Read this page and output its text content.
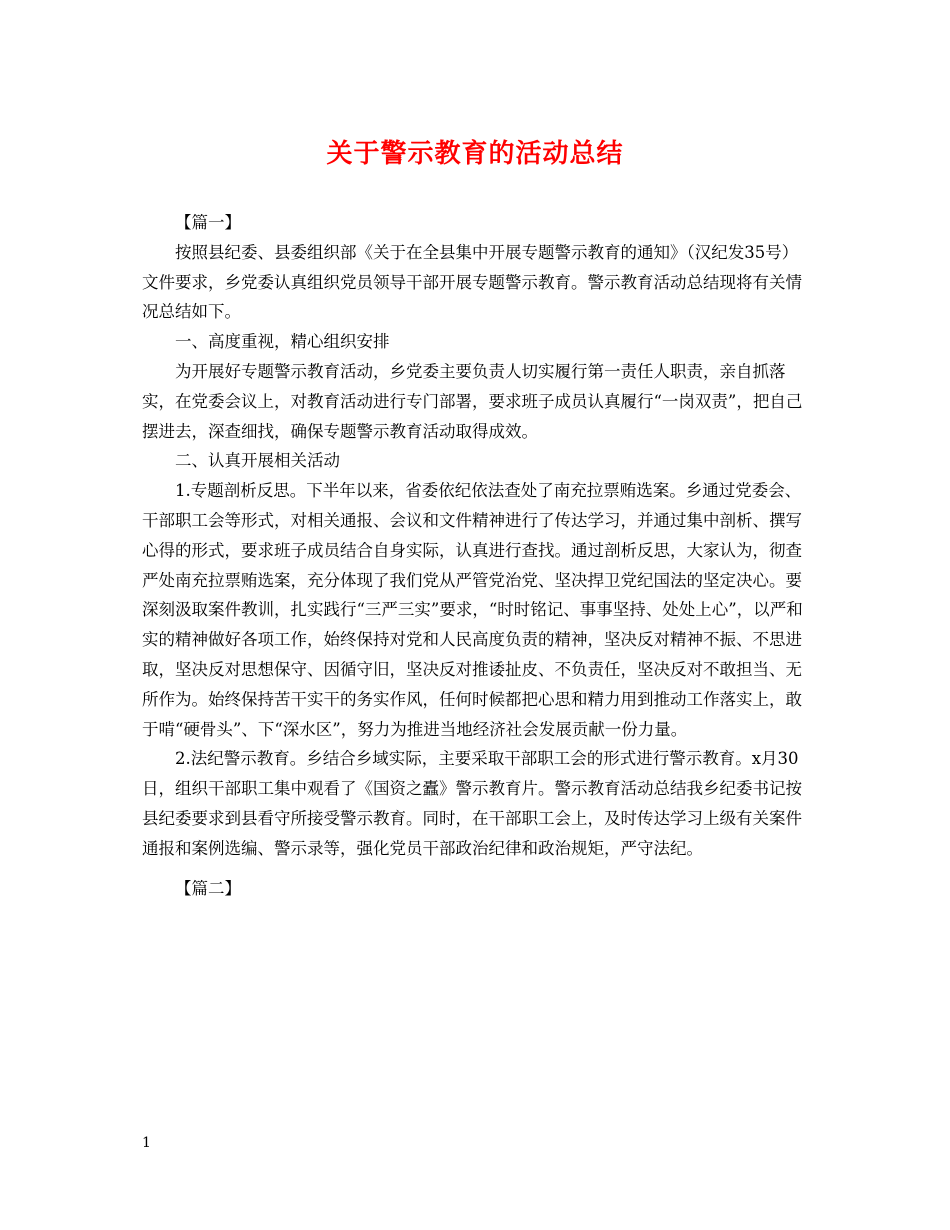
关于警示教育的活动总结

【篇一】

按照县纪委、县委组织部《关于在全县集中开展专题警示教育的通知》（汉纪发35号）文件要求，乡党委认真组织党员领导干部开展专题警示教育。警示教育活动总结现将有关情况总结如下。

一、高度重视，精心组织安排

为开展好专题警示教育活动，乡党委主要负责人切实履行第一责任人职责，亲自抓落实，在党委会议上，对教育活动进行专门部署，要求班子成员认真履行“一岗双责”，把自己摆进去，深查细找，确保专题警示教育活动取得成效。

二、认真开展相关活动

1.专题剖析反思。下半年以来，省委依纪依法查处了南充拉票贿选案。乡通过党委会、干部职工会等形式，对相关通报、会议和文件精神进行了传达学习，并通过集中剖析、撰写心得的形式，要求班子成员结合自身实际，认真进行查找。通过剖析反思，大家认为，彻查严处南充拉票贿选案，充分体现了我们党从严管党治党、坚决捍卫党纪国法的坚定决心。要深刻汲取案件教训，扎实践行“三严三实”要求，“时时铭记、事事坚持、处处上心”，以严和实的精神做好各项工作，始终保持对党和人民高度负责的精神，坚决反对精神不振、不思进取，坚决反对思想保守、因循守旧，坚决反对推诿扯皮、不负责任，坚决反对不敢担当、无所作为。始终保持苦干实干的务实作风，任何时候都把心思和精力用到推动工作落实上，敢于啃“硬骨头”、下“深水区”，努力为推进当地经济社会发展贡献一份力量。

2.法纪警示教育。乡结合乡域实际，主要采取干部职工会的形式进行警示教育。x月30日，组织干部职工集中观看了《国资之蠹》警示教育片。警示教育活动总结我乡纪委书记按县纪委要求到县看守所接受警示教育。同时，在干部职工会上，及时传达学习上级有关案件通报和案例选编、警示录等，强化党员干部政治纪律和政治规矩，严守法纪。

【篇二】

1
